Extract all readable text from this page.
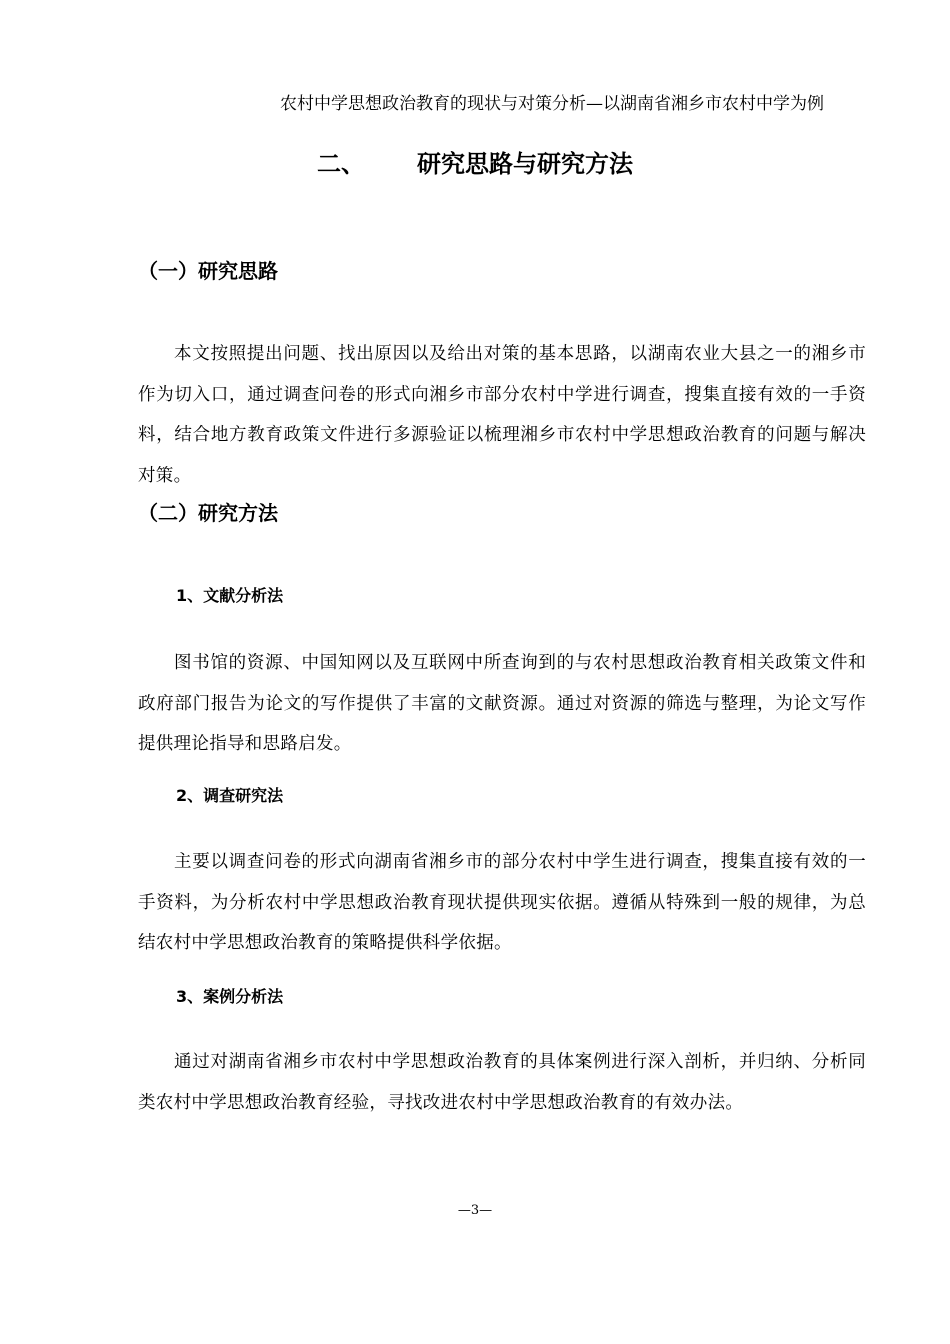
农村中学思想政治教育的现状与对策分析—以湖南省湘乡市农村中学为例
二、 研究思路与研究方法
（一）研究思路

本文按照提出问题、找出原因以及给出对策的基本思路，以湖南农业大县之一的湘乡市作为切入口，通过调查问卷的形式向湘乡市部分农村中学进行调查，搜集直接有效的一手资料，结合地方教育政策文件进行多源验证以梳理湘乡市农村中学思想政治教育的问题与解决对策。

（二）研究方法
1、文献分析法

图书馆的资源、中国知网以及互联网中所查询到的与农村思想政治教育相关政策文件和政府部门报告为论文的写作提供了丰富的文献资源。通过对资源的筛选与整理，为论文写作提供理论指导和思路启发。

2、调查研究法

主要以调查问卷的形式向湖南省湘乡市的部分农村中学生进行调查，搜集直接有效的一手资料，为分析农村中学思想政治教育现状提供现实依据。遵循从特殊到一般的规律，为总结农村中学思想政治教育的策略提供科学依据。

3、案例分析法

通过对湖南省湘乡市农村中学思想政治教育的具体案例进行深入剖析，并归纳、分析同类农村中学思想政治教育经验，寻找改进农村中学思想政治教育的有效办法。

—3—
